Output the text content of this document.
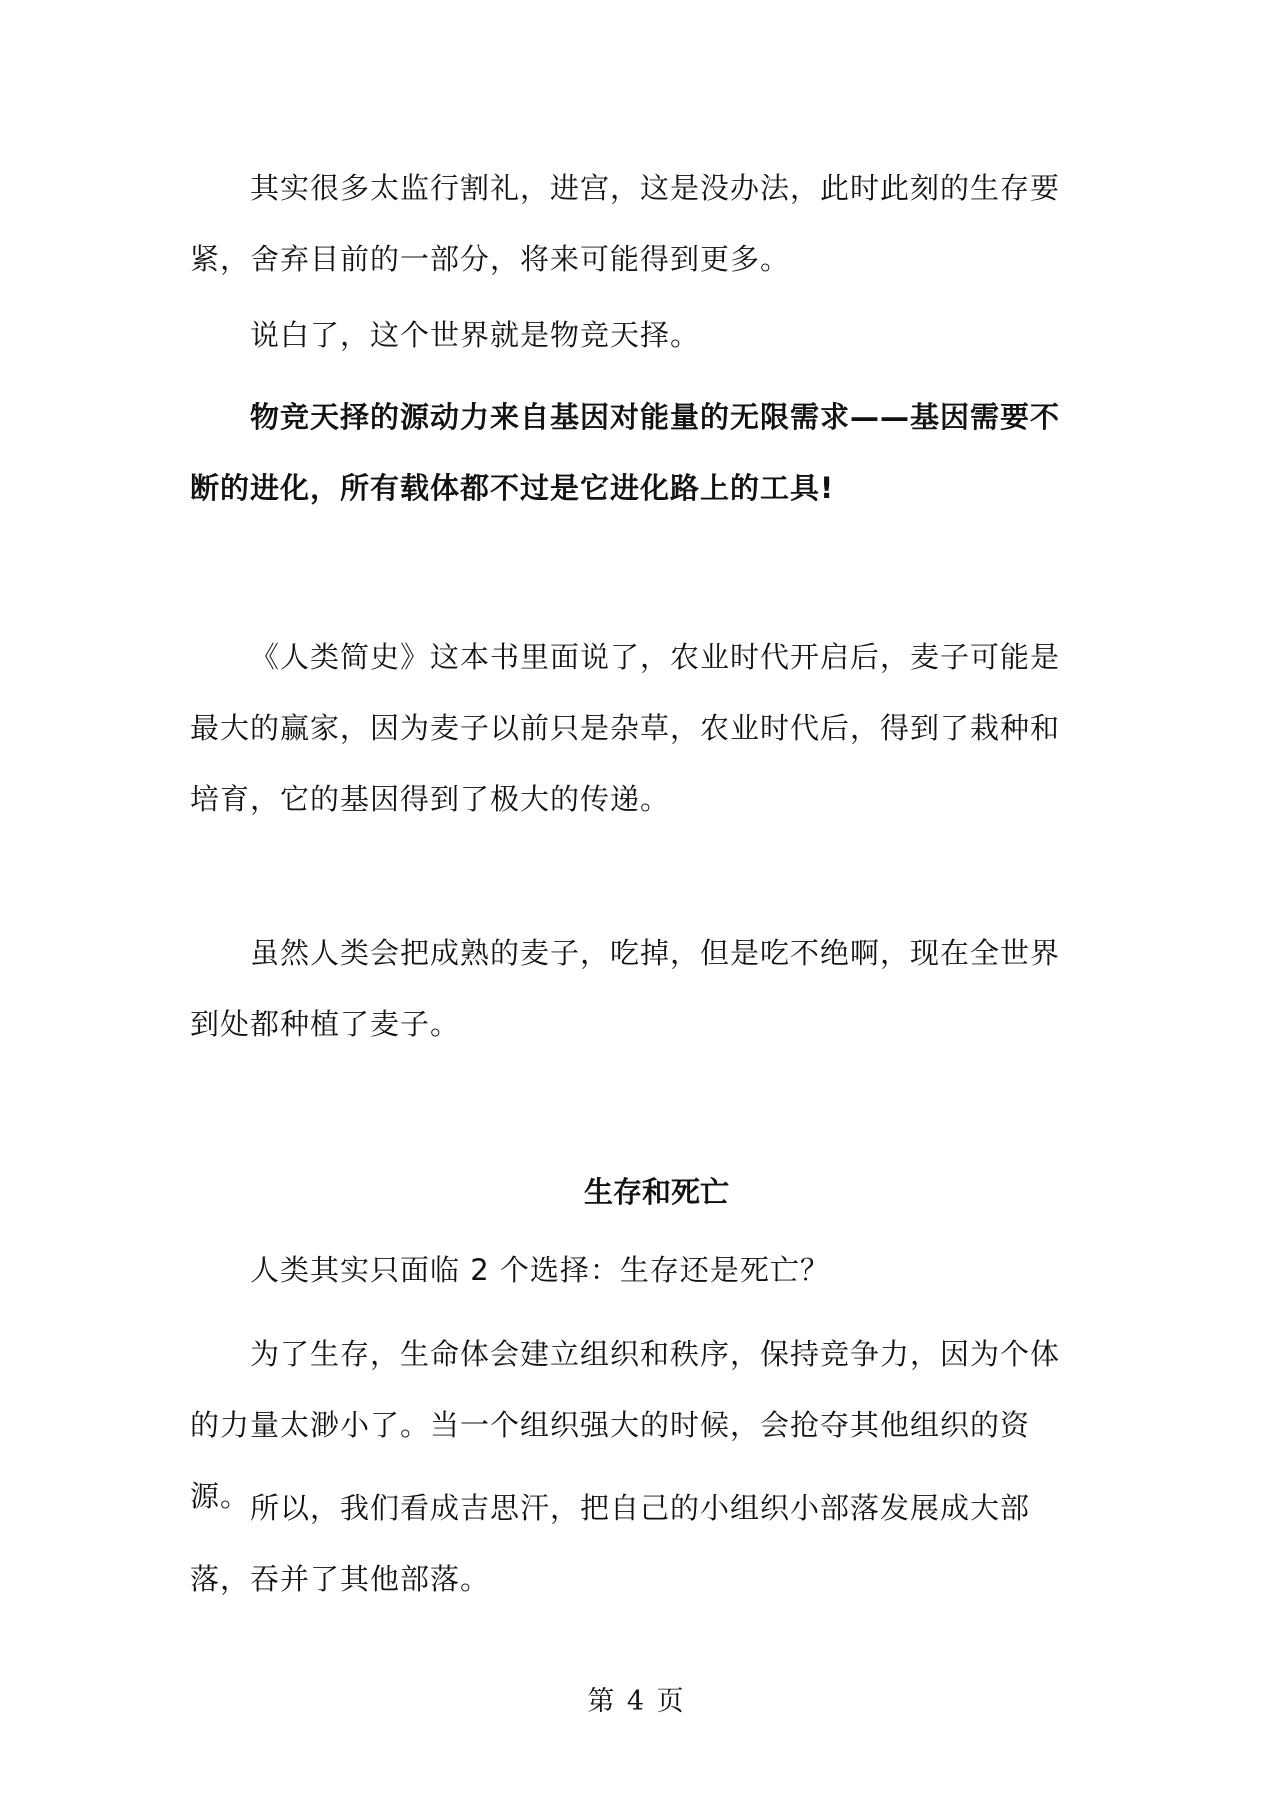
其实很多太监行割礼，进宫，这是没办法，此时此刻的生存要紧，舍弃目前的一部分，将来可能得到更多。

说白了，这个世界就是物竞天择。

物竞天择的源动力来自基因对能量的无限需求——基因需要不断的进化，所有载体都不过是它进化路上的工具!

《人类简史》这本书里面说了，农业时代开启后，麦子可能是最大的赢家，因为麦子以前只是杂草，农业时代后，得到了栽种和培育，它的基因得到了极大的传递。

虽然人类会把成熟的麦子，吃掉，但是吃不绝啊，现在全世界到处都种植了麦子。

生存和死亡

人类其实只面临 2 个选择：生存还是死亡？

为了生存，生命体会建立组织和秩序，保持竞争力，因为个体的力量太渺小了。当一个组织强大的时候，会抢夺其他组织的资源。 所以，我们看成吉思汗，把自己的小组织小部落发展成大部落，吞并了其他部落。

第 4 页
